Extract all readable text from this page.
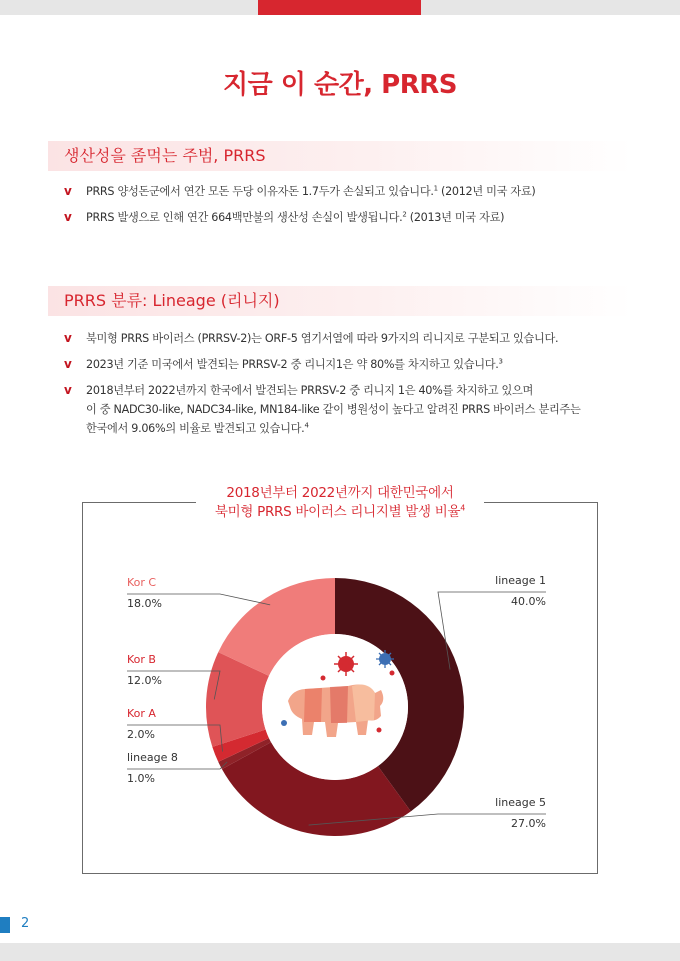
지금 이 순간, PRRS
생산성을 좀먹는 주범, PRRS
v PRRS 양성돈군에서 연간 모돈 두당 이유자돈 1.7두가 손실되고 있습니다.$^1$ (2012년 미국 자료)
v PRRS 발생으로 인해 연간 664백만불의 생산성 손실이 발생됩니다.$^2$ (2013년 미국 자료)
PRRS 분류: Lineage (리니지)
v 북미형 PRRS 바이러스 (PRRSV-2)는 ORF-5 염기서열에 따라 9가지의 리니지로 구분되고 있습니다.
v 2023년 기준 미국에서 발견되는 PRRSV-2 중 리니지1은 약 80%를 차지하고 있습니다.$^3$
v 2018년부터 2022년까지 한국에서 발견되는 PRRSV-2 중 리니지 1은 40%를 차지하고 있으며
이 중 NADC30-like, NADC34-like, MN184-like 같이 병원성이 높다고 알려진 PRRS 바이러스 분리주는
한국에서 9.06%의 비율로 발견되고 있습니다.$^4$
lineage 1
40.0%
lineage 5
27.0%
lineage 8
1.0%
Kor A
2.0%
Kor B
12.0%
Kor C
18.0%
2018년부터 2022년까지 대한민국에서
북미형 PRRS 바이러스 리니지별 발생 비율$^4$
2
